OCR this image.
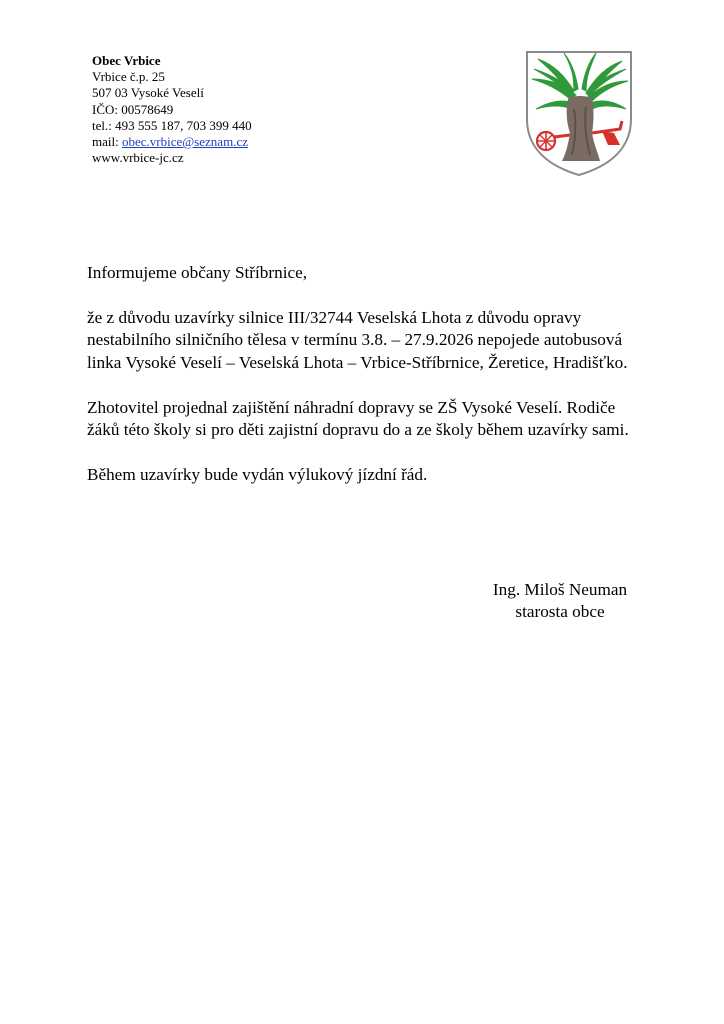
Obec Vrbice
Vrbice č.p. 25
507 03 Vysoké Veselí
IČO: 00578649
tel.: 493 555 187, 703 399 440
mail: obec.vrbice@seznam.cz
www.vrbice-jc.cz

Informujeme občany Stříbrnice,

že z důvodu uzavírky silnice III/32744 Veselská Lhota z důvodu opravy nestabilního silničního tělesa v termínu 3.8. – 27.9.2026 nepojede autobusová linka Vysoké Veselí – Veselská Lhota – Vrbice-Stříbrnice, Žeretice, Hradišťko.

Zhotovitel projednal zajištění náhradní dopravy se ZŠ Vysoké Veselí. Rodiče žáků této školy si pro děti zajistní dopravu do a ze školy během uzavírky sami.

Během uzavírky bude vydán výlukový jízdní řád.

Ing. Miloš Neuman
starosta obce
